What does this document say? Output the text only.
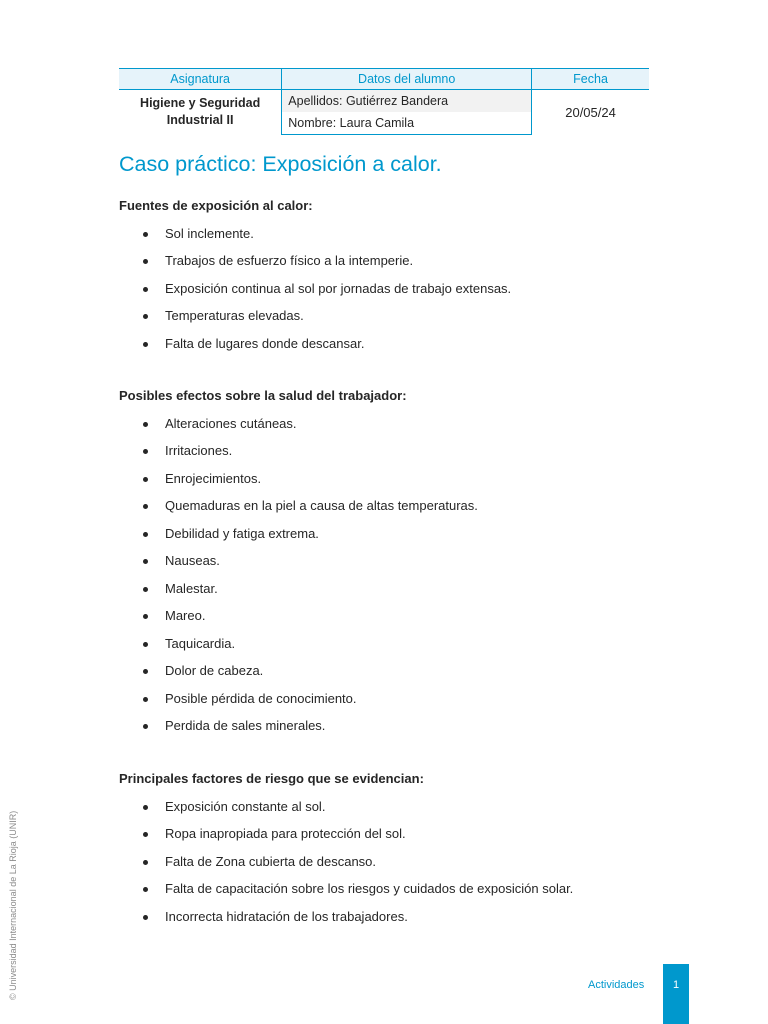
Asignatura	Datos del alumno	Fecha

Higiene y Seguridad
Industrial II	Apellidos: Gutiérrez Bandera	20/05/24
	Nombre: Laura Camila	
Caso práctico: Exposición a calor.
Fuentes de exposición al calor:
Sol inclemente.
Trabajos de esfuerzo físico a la intemperie.
Exposición continua al sol por jornadas de trabajo extensas.
Temperaturas elevadas.
Falta de lugares donde descansar.
Posibles efectos sobre la salud del trabajador:
Alteraciones cutáneas.
Irritaciones.
Enrojecimientos.
Quemaduras en la piel a causa de altas temperaturas.
Debilidad y fatiga extrema.
Nauseas.
Malestar.
Mareo.
Taquicardia.
Dolor de cabeza.
Posible pérdida de conocimiento.
Perdida de sales minerales.
Principales factores de riesgo que se evidencian:
Exposición constante al sol.
Ropa inapropiada para protección del sol.
Falta de Zona cubierta de descanso.
Falta de capacitación sobre los riesgos y cuidados de exposición solar.
Incorrecta hidratación de los trabajadores.
© Universidad Internacional de La Rioja (UNIR)	Actividades	1
